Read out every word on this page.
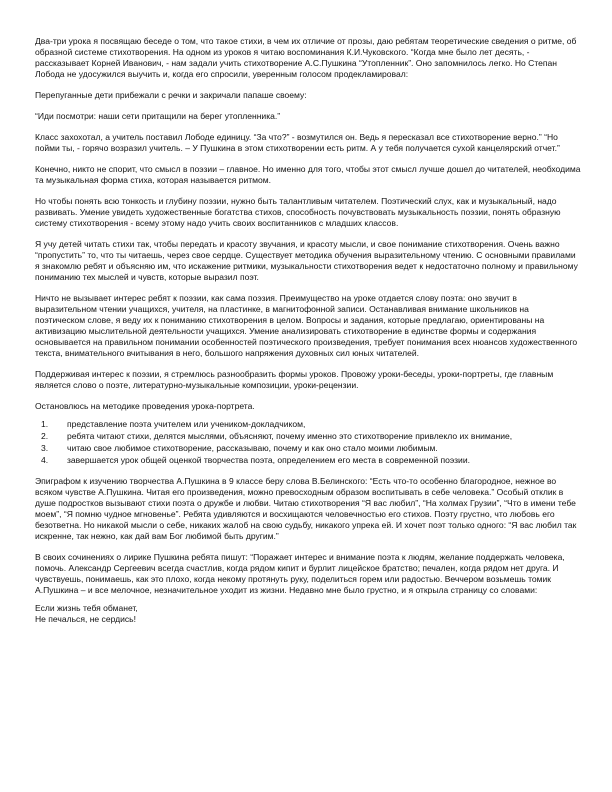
Два-три урока я посвящаю беседе о том, что такое стихи, в чем их отличие от прозы, даю ребятам теоретические сведения о ритме, об образной системе стихотворения. На одном из уроков я читаю воспоминания К.И.Чуковского. “Когда мне было лет десять, - рассказывает Корней Иванович, - нам задали учить стихотворение А.С.Пушкина “Утопленник”. Оно запомнилось легко. Но Степан Лобода не удосужился выучить и, когда его спросили, уверенным голосом продекламировал:

Перепуганные дети прибежали с речки и закричали папаше своему:

“Иди посмотри: наши сети притащили на берег утопленника.”

Класс захохотал, а учитель поставил Лободе единицу. “За что?” - возмутился он. Ведь я пересказал все стихотворение верно.” “Но пойми ты, - горячо возразил учитель. – У Пушкина в этом стихотворении есть ритм. А у тебя получается сухой канцелярский отчет.”

Конечно, никто не спорит, что смысл в поэзии – главное. Но именно для того, чтобы этот смысл лучше дошел до читателей, необходима та музыкальная форма стиха, которая называется ритмом.

Но чтобы понять всю тонкость и глубину поэзии, нужно быть талантливым читателем. Поэтический слух, как и музыкальный, надо развивать. Умение увидеть художественные богатства стихов, способность почувствовать музыкальность поэзии, понять образную систему стихотворения - всему этому надо учить своих воспитанников с младших классов.

Я учу детей читать стихи так, чтобы передать и красоту звучания, и красоту мысли, и свое понимание стихотворения. Очень важно “пропустить” то, что ты читаешь, через свое сердце. Существует методика обучения выразительному чтению. С основными правилами я знакомлю ребят и объясняю им, что искажение ритмики, музыкальности стихотворения ведет к недостаточно полному и правильному пониманию тех мыслей и чувств, которые выразил поэт.

Ничто не вызывает интерес ребят к поэзии, как сама поэзия. Преимущество на уроке отдается слову поэта: оно звучит в выразительном чтении учащихся, учителя, на пластинке, в магнитофонной записи. Останавливая внимание школьников на поэтическом слове, я веду их к пониманию стихотворения в целом. Вопросы и задания, которые предлагаю, ориентированы на активизацию мыслительной деятельности учащихся. Умение анализировать стихотворение в единстве формы и содержания основывается на правильном понимании особенностей поэтического произведения, требует понимания всех нюансов художественного текста, внимательного вчитывания в него, большого напряжения духовных сил юных читателей.

Поддерживая интерес к поэзии, я стремлюсь разнообразить формы уроков. Провожу уроки-беседы, уроки-портреты, где главным является слово о поэте, литературно-музыкальные композиции, уроки-рецензии.

Остановлюсь на методике проведения урока-портрета.

1.	представление поэта учителем или учеником-докладчиком,
2.	ребята читают стихи, делятся мыслями, объясняют, почему именно это стихотворение привлекло их внимание,
3.	читаю свое любимое стихотворение, рассказываю, почему и как оно стало моими любимым.
4.	завершается урок общей оценкой творчества поэта, определением его места в современной поэзии.

Эпиграфом к изучению творчества А.Пушкина в 9 классе беру слова В.Белинского: “Есть что-то особенно благородное, нежное во всяком чувстве А.Пушкина. Читая его произведения, можно превосходным образом воспитывать в себе человека.” Особый отклик в душе подростков вызывают стихи поэта о дружбе и любви. Читаю стихотворения “Я вас любил”, “На холмах Грузии”, “Что в имени тебе моем”, “Я помню чудное мгновенье”. Ребята удивляются и восхищаются человечностью его стихов. Поэту грустно, что любовь его безответна. Но никакой мысли о себе, никаких жалоб на свою судьбу, никакого упрека ей. И хочет поэт только одного: “Я вас любил так искренне, так нежно, как дай вам Бог любимой быть другим.”

В своих сочинениях о лирике Пушкина ребята пишут: “Поражает интерес и внимание поэта к людям, желание поддержать человека, помочь. Александр Сергеевич всегда счастлив, когда рядом кипит и бурлит лицейское братство; печален, когда рядом нет друга. И чувствуешь, понимаешь, как это плохо, когда некому протянуть руку, поделиться горем или радостью. Веччером возьмешь томик А.Пушкина – и все мелочное, незначительное уходит из жизни. Недавно мне было грустно, и я открыла страницу со словами:

Если жизнь тебя обманет,
Не печалься, не сердись!
